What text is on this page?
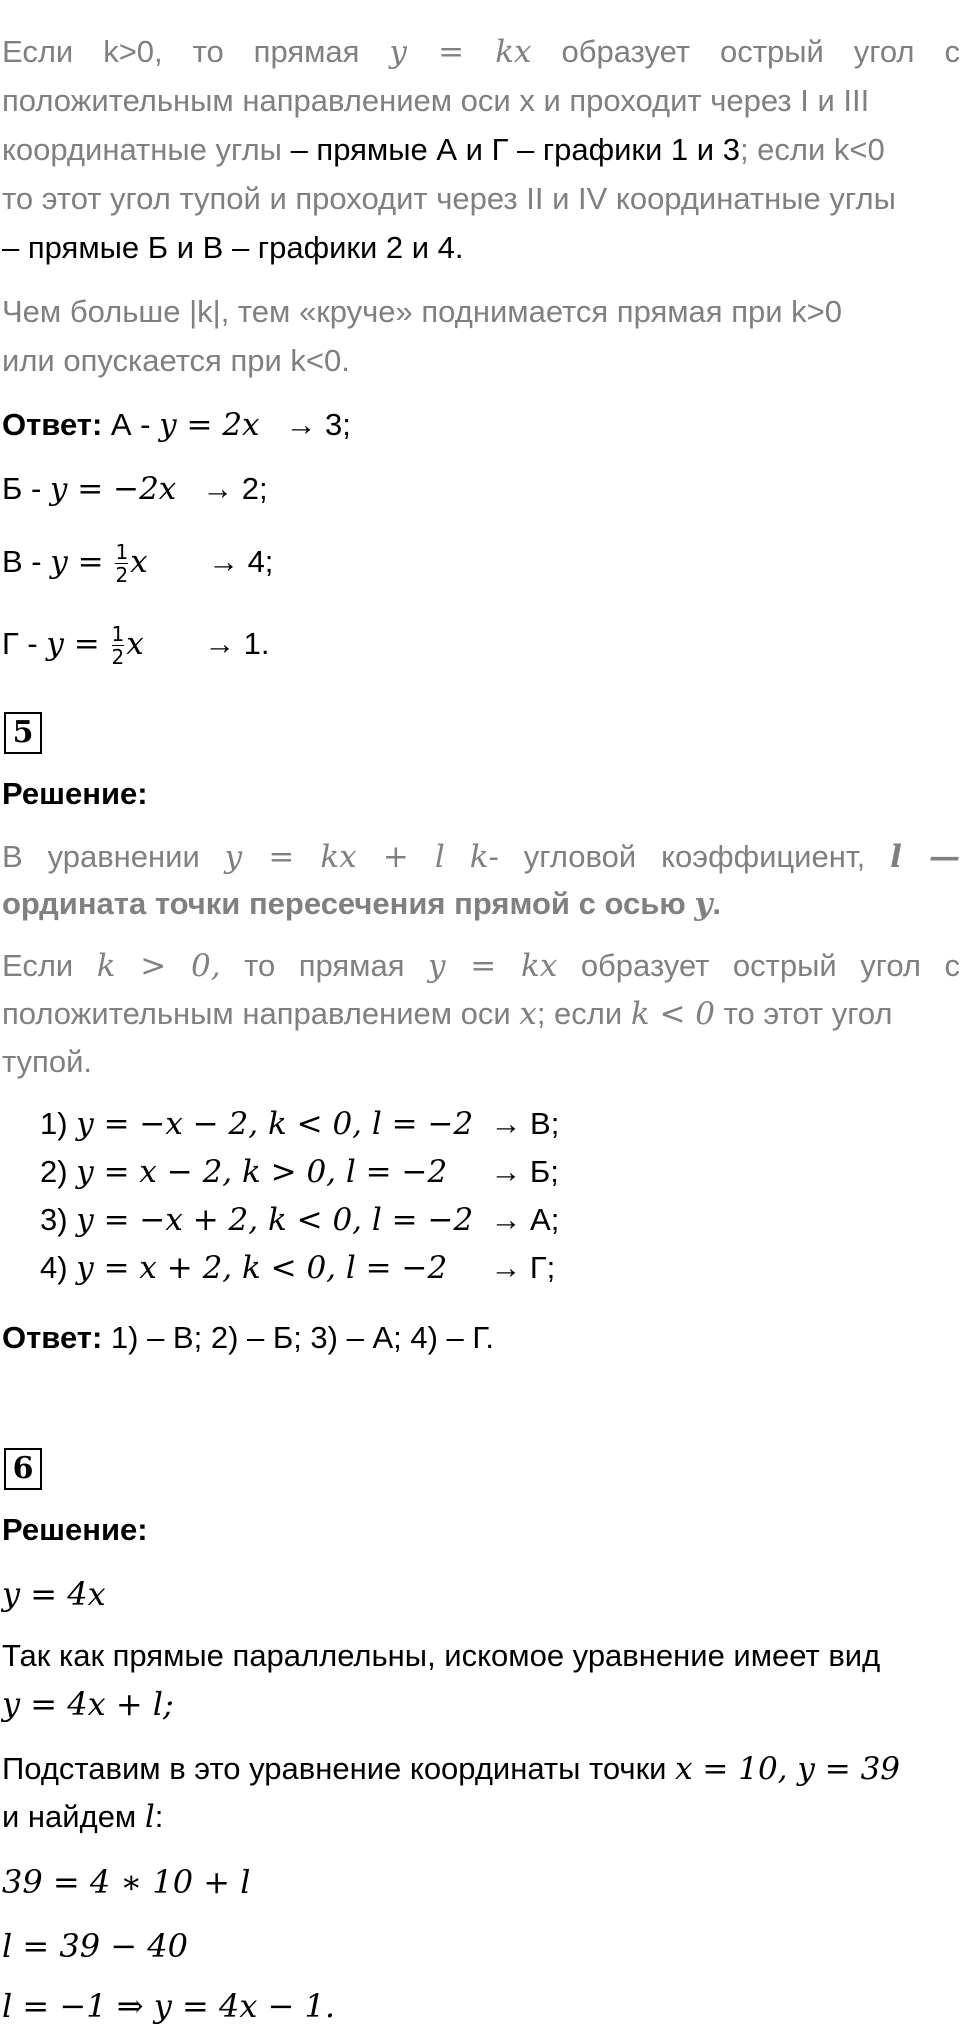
Если k>0, то прямая y = kx образует острый угол с
положительным направлением оси x и проходит через I и III
координатные углы – прямые А и Г – графики 1 и 3; если k<0
то этот угол тупой и проходит через II и IV координатные углы
– прямые Б и В – графики 2 и 4.
Чем больше |k|, тем «круче» поднимается прямая при k>0
или опускается при k<0.
Ответ: А - y = 2x → 3;
Б - y = −2x → 2;
$В - y = \frac{1}{2}$ x → 4;
$Г - y = \frac{1}{2}$ x → 1.
5
Решение:
В уравнении y = kx + l k- угловой коэффициент, l —
ордината точки пересечения прямой с осью y.
Если k > 0, то прямая y = kx образует острый угол с
положительным направлением оси x; если k < 0 то этот угол
тупой.
1) y = −x − 2, k < 0, l = −2 → В;
2) y = x − 2, k > 0, l = −2 → Б;
3) y = −x + 2, k < 0, l = −2 → А;
4) y = x + 2, k < 0, l = −2 → Г;
Ответ: 1) – В; 2) – Б; 3) – А; 4) – Г.
6
Решение:
y = 4x
Так как прямые параллельны, искомое уравнение имеет вид
y = 4x + l;
Подставим в это уравнение координаты точки x = 10, y = 39
и найдем l:
39 = 4 ∗ 10 + l
l = 39 − 40
l = −1 ⇒ y = 4x − 1.
